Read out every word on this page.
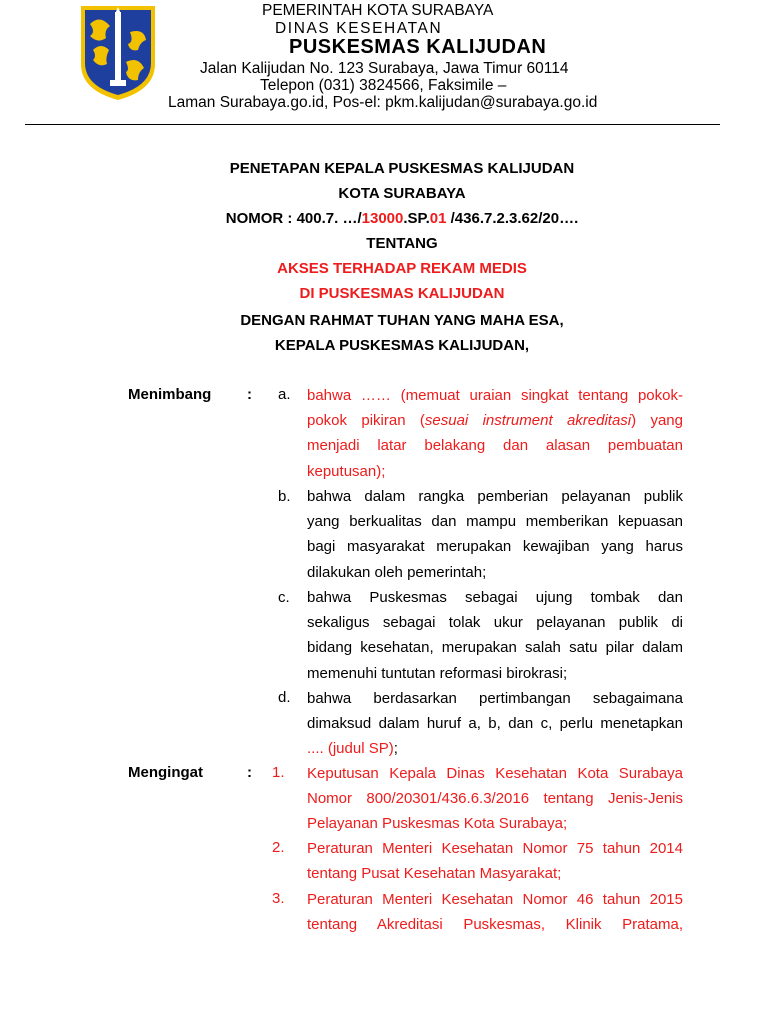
PEMERINTAH KOTA SURABAYA
DINAS KESEHATAN
PUSKESMAS KALIJUDAN
Jalan Kalijudan No. 123 Surabaya, Jawa Timur 60114
Telepon (031) 3824566, Faksimile –
Laman Surabaya.go.id, Pos-el: pkm.kalijudan@surabaya.go.id
PENETAPAN KEPALA PUSKESMAS KALIJUDAN
KOTA SURABAYA
NOMOR : 400.7. …/13000.SP.01 /436.7.2.3.62/20….
TENTANG
AKSES TERHADAP REKAM MEDIS
DI PUSKESMAS KALIJUDAN
DENGAN RAHMAT TUHAN YANG MAHA ESA,
KEPALA PUSKESMAS KALIJUDAN,
Menimbang : a. bahwa …… (memuat uraian singkat tentang pokok-
pokok pikiran (sesuai instrument akreditasi) yang
menjadi latar belakang dan alasan pembuatan
keputusan);
b. bahwa dalam rangka pemberian pelayanan publik
yang berkualitas dan mampu memberikan kepuasan
bagi masyarakat merupakan kewajiban yang harus
dilakukan oleh pemerintah;
c. bahwa Puskesmas sebagai ujung tombak dan
sekaligus sebagai tolak ukur pelayanan publik di
bidang kesehatan, merupakan salah satu pilar dalam
memenuhi tuntutan reformasi birokrasi;
d. bahwa berdasarkan pertimbangan sebagaimana
dimaksud dalam huruf a, b, dan c, perlu menetapkan
.... (judul SP);
Mengingat	: 1. Keputusan Kepala Dinas Kesehatan Kota Surabaya
Nomor 800/20301/436.6.3/2016 tentang Jenis-Jenis
Pelayanan Puskesmas Kota Surabaya;
2. Peraturan Menteri Kesehatan Nomor 75 tahun 2014
tentang Pusat Kesehatan Masyarakat;
3. Peraturan Menteri Kesehatan Nomor 46 tahun 2015
tentang Akreditasi Puskesmas, Klinik Pratama,
